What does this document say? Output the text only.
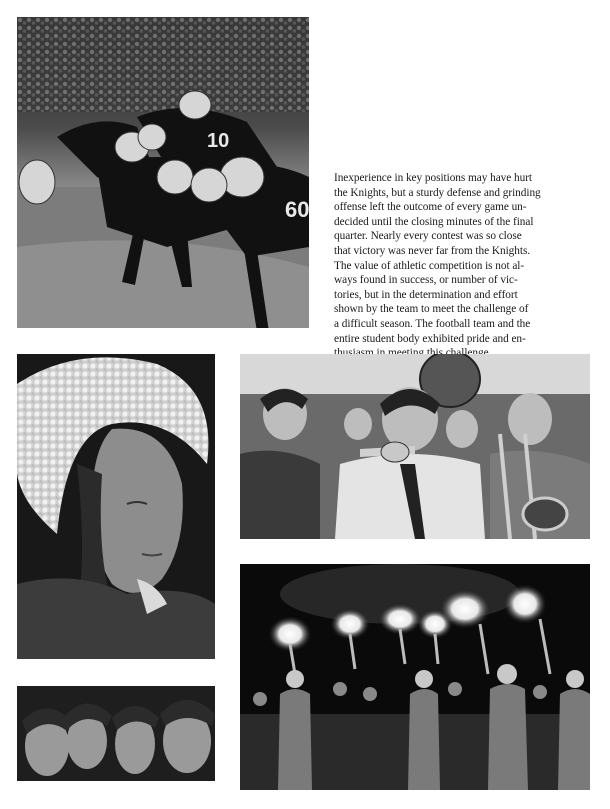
10
60
Inexperience in key positions may have hurt
the Knights, but a sturdy defense and grinding
offense left the outcome of every game un-
decided until the closing minutes of the final
quarter. Nearly every contest was so close
that victory was never far from the Knights.
The value of athletic competition is not al-
ways found in success, or number of vic-
tories, but in the determination and effort
shown by the team to meet the challenge of
a difficult season. The football team and the
entire student body exhibited pride and en-
